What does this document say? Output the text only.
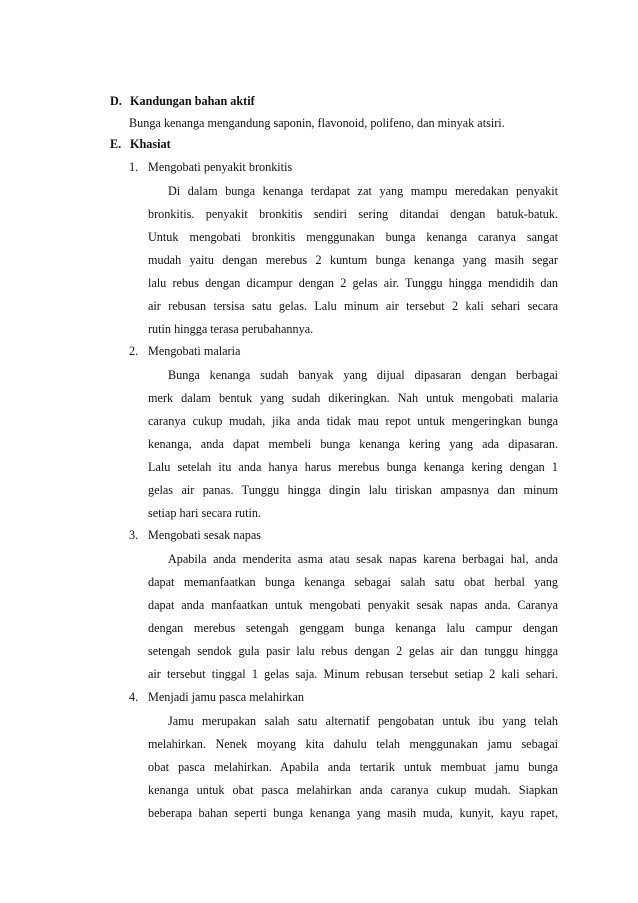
D. Kandungan bahan aktif
Bunga kenanga mengandung saponin, flavonoid, polifeno, dan minyak atsiri.
E. Khasiat
1. Mengobati penyakit bronkitis
Di dalam bunga kenanga terdapat zat yang mampu meredakan penyakit
bronkitis. penyakit bronkitis sendiri sering ditandai dengan batuk-batuk.
Untuk mengobati bronkitis menggunakan bunga kenanga caranya sangat
mudah yaitu dengan merebus 2 kuntum bunga kenanga yang masih segar
lalu rebus dengan dicampur dengan 2 gelas air. Tunggu hingga mendidih dan
air rebusan tersisa satu gelas. Lalu minum air tersebut 2 kali sehari secara
rutin hingga terasa perubahannya.
2. Mengobati malaria
Bunga kenanga sudah banyak yang dijual dipasaran dengan berbagai
merk dalam bentuk yang sudah dikeringkan. Nah untuk mengobati malaria
caranya cukup mudah, jika anda tidak mau repot untuk mengeringkan bunga
kenanga, anda dapat membeli bunga kenanga kering yang ada dipasaran.
Lalu setelah itu anda hanya harus merebus bunga kenanga kering dengan 1
gelas air panas. Tunggu hingga dingin lalu tiriskan ampasnya dan minum
setiap hari secara rutin.
3. Mengobati sesak napas
Apabila anda menderita asma atau sesak napas karena berbagai hal, anda
dapat memanfaatkan bunga kenanga sebagai salah satu obat herbal yang
dapat anda manfaatkan untuk mengobati penyakit sesak napas anda. Caranya
dengan merebus setengah genggam bunga kenanga lalu campur dengan
setengah sendok gula pasir lalu rebus dengan 2 gelas air dan tunggu hingga
air tersebut tinggal 1 gelas saja. Minum rebusan tersebut setiap 2 kali sehari.
4. Menjadi jamu pasca melahirkan
Jamu merupakan salah satu alternatif pengobatan untuk ibu yang telah
melahirkan. Nenek moyang kita dahulu telah menggunakan jamu sebagai
obat pasca melahirkan. Apabila anda tertarik untuk membuat jamu bunga
kenanga untuk obat pasca melahirkan anda caranya cukup mudah. Siapkan
beberapa bahan seperti bunga kenanga yang masih muda, kunyit, kayu rapet,
